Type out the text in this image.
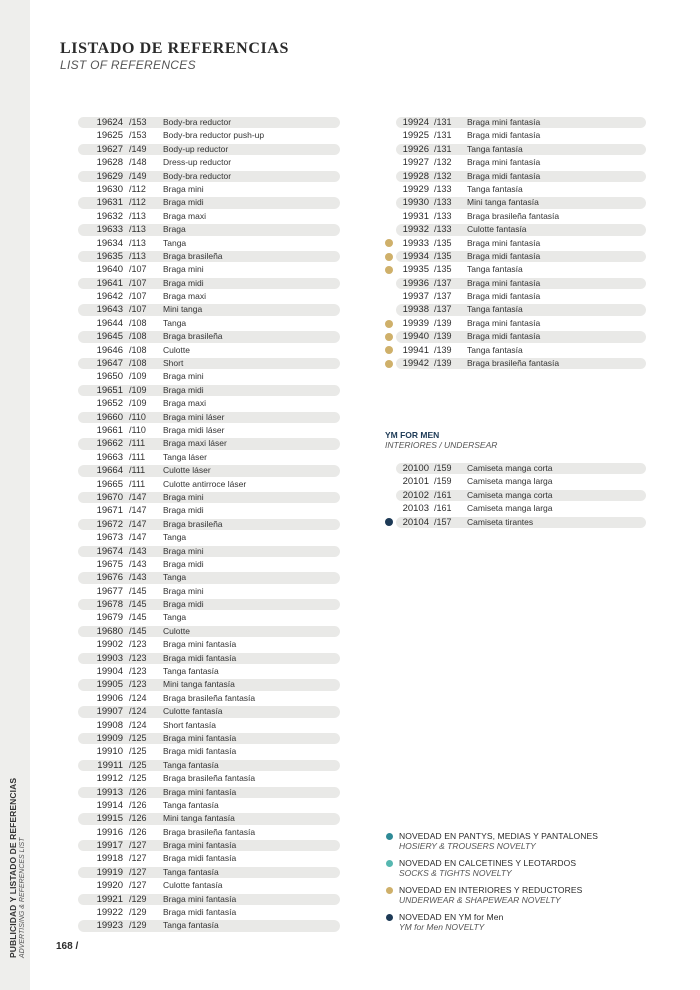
PUBLICIDAD Y LISTADO DE REFERENCIAS ADVERTISING & REFERENCES LIST
LISTADO DE REFERENCIAS

LIST OF REFERENCES

19624 /153 Body-bra reductor
19625 /153 Body-bra reductor push-up
19627 /149 Body-up reductor
19628 /148 Dress-up reductor
19629 /149 Body-bra reductor
19630 /112 Braga mini
19631 /112 Braga midi
19632 /113 Braga maxi
19633 /113 Braga
19634 /113 Tanga
19635 /113 Braga brasileña
19640 /107 Braga mini
19641 /107 Braga midi
19642 /107 Braga maxi
19643 /107 Mini tanga
19644 /108 Tanga
19645 /108 Braga brasileña
19646 /108 Culotte
19647 /108 Short
19650 /109 Braga mini
19651 /109 Braga midi
19652 /109 Braga maxi
19660 /110 Braga mini láser
19661 /110 Braga midi láser
19662 /111 Braga maxi láser
19663 /111 Tanga láser
19664 /111 Culotte láser
19665 /111 Culotte antirroce láser
19670 /147 Braga mini
19671 /147 Braga midi
19672 /147 Braga brasileña
19673 /147 Tanga
19674 /143 Braga mini
19675 /143 Braga midi
19676 /143 Tanga
19677 /145 Braga mini
19678 /145 Braga midi
19679 /145 Tanga
19680 /145 Culotte
19902 /123 Braga mini fantasía
19903 /123 Braga midi fantasía
19904 /123 Tanga fantasía
19905 /123 Mini tanga fantasía
19906 /124 Braga brasileña fantasía
19907 /124 Culotte fantasía
19908 /124 Short fantasía
19909 /125 Braga mini fantasía
19910 /125 Braga midi fantasía
19911 /125 Tanga fantasía
19912 /125 Braga brasileña fantasía
19913 /126 Braga mini fantasía
19914 /126 Tanga fantasía
19915 /126 Mini tanga fantasía
19916 /126 Braga brasileña fantasía
19917 /127 Braga mini fantasía
19918 /127 Braga midi fantasía
19919 /127 Tanga fantasía
19920 /127 Culotte fantasía
19921 /129 Braga mini fantasía
19922 /129 Braga midi fantasía
19923 /129 Tanga fantasía
19924 /131 Braga mini fantasía
19925 /131 Braga midi fantasía
19926 /131 Tanga fantasía
19927 /132 Braga mini fantasía
19928 /132 Braga midi fantasía
19929 /133 Tanga fantasía
19930 /133 Mini tanga fantasía
19931 /133 Braga brasileña fantasía
19932 /133 Culotte fantasía
19933 /135 Braga mini fantasía
19934 /135 Braga midi fantasía
19935 /135 Tanga fantasía
19936 /137 Braga mini fantasía
19937 /137 Braga midi fantasía
19938 /137 Tanga fantasía
19939 /139 Braga mini fantasía
19940 /139 Braga midi fantasía
19941 /139 Tanga fantasía
19942 /139 Braga brasileña fantasía

YM FOR MEN

INTERIORES / UNDERSEAR

20100 /159 Camiseta manga corta
20101 /159 Camiseta manga larga
20102 /161 Camiseta manga corta
20103 /161 Camiseta manga larga
20104 /157 Camiseta tirantes
NOVEDAD EN PANTYS, MEDIAS Y PANTALONES
HOSIERY & TROUSERS NOVELTY
NOVEDAD EN CALCETINES Y LEOTARDOS
SOCKS & TIGHTS NOVELTY
NOVEDAD EN INTERIORES Y REDUCTORES
UNDERWEAR & SHAPEWEAR NOVELTY
NOVEDAD EN YM for Men
YM for Men NOVELTY
168 /
